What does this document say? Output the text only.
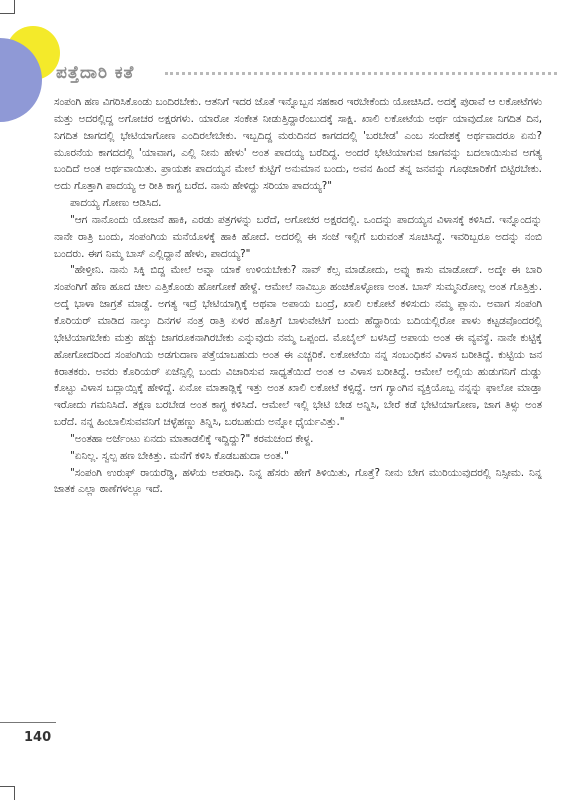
ಪತ್ತೆದಾರಿ ಕತೆ

ಸಂಪಂಗಿ ಹಣ ವಿಗರಿಸಿಕೊಂಡು ಬಂದಿರಬೇಕು. ಆತನಿಗೆ ಇದರ ಜೊತೆ ಇನ್ನೊಬ್ಬನ ಸಹಕಾರ ಇರಬೇಕೆಂದು ಯೋಚಿಸಿದೆ. ಅದಕ್ಕೆ ಪುರಾವೆ ಆ ಲಕೋಟೆಗಳು ಮತ್ತು ಅದರಲ್ಲಿದ್ದ ಅಗೋಚರ ಅಕ್ಷರಗಳು. ಯಾರೋ ಸಂಕೇತ ನೀಡುತ್ತಿದ್ದಾರೆಂಬುದಕ್ಕೆ ಸಾಕ್ಷಿ. ಖಾಲಿ ಲಕೋಟೆಯ ಅರ್ಥ ಯಾವುದೋ ನಿಗದಿತ ದಿನ, ನಿಗದಿತ ಜಾಗದಲ್ಲಿ ಭೇಟಿಯಾಗೋಣ ಎಂದಿರಲೇಬೇಕು. ಇಬ್ಬದಿದ್ದ ಮರುದಿನದ ಕಾಗದದಲ್ಲಿ 'ಬರಬೇಡ' ಎಂಬ ಸಂದೇಶಕ್ಕೆ ಅರ್ಥವಾದರೂ ಏನು? ಮೂರನೆಯ ಕಾಗದದಲ್ಲಿ 'ಯಾವಾಗ, ಎಲ್ಲಿ ನೀನು ಹೇಳು' ಅಂತ ಪಾದಯ್ಯ ಬರೆದಿದ್ದ. ಅಂದರೆ ಭೇಟಿಯಾಗುವ ಜಾಗವನ್ನು ಬದಲಾಯಿಸುವ ಅಗತ್ಯ ಬಂದಿದೆ ಅಂತ ಅರ್ಥವಾಯಿತು. ಪ್ರಾಯಶಃ ಪಾದಯ್ಯನ ಮೇಲೆ ಕುಟ್ಟಿಗೆ ಅನುಮಾನ ಬಂದು, ಅವನ ಹಿಂದೆ ತನ್ನ ಜನವನ್ನು ಗೂಢಚಾರಿಕೆಗೆ ಬಿಟ್ಟಿರಬೇಕು. ಅದು ಗೊತ್ತಾಗಿ ಪಾದಯ್ಯ ಆ ರೀತಿ ಕಾಗ್ದ ಬರೆದ. ನಾನು ಹೇಳಿದ್ದು ಸರಿಯಾ ಪಾದಯ್ಯ?"

ಪಾದಯ್ಯ ಗೋಣು ಆಡಿಸಿದ.

"ಆಗ ನಾನೊಂದು ಯೋಜನೆ ಹಾಕಿ, ಎರಡು ಪತ್ರಗಳನ್ನು ಬರೆದೆ, ಅಗೋಚರ ಅಕ್ಷರದಲ್ಲಿ. ಒಂದನ್ನು ಪಾದಯ್ಯನ ವಿಳಾಸಕ್ಕೆ ಕಳಿಸಿದೆ. ಇನ್ನೊಂದನ್ನು ನಾನೇ ರಾತ್ರಿ ಬಂದು, ಸಂಪಂಗಿಯ ಮನೆಯೊಳಕ್ಕೆ ಹಾಕಿ ಹೋದೆ. ಅದರಲ್ಲಿ ಈ ಸಂಜೆ ಇಲ್ಲಿಗೆ ಬರುವಂತೆ ಸೂಚಿಸಿದ್ದೆ. ಇವರಿಬ್ಬರೂ ಅದನ್ನು ನಂಬಿ ಬಂದರು. ಈಗ ನಿಮ್ಮ ಬಾಸ್ ಎಲ್ಲಿದ್ದಾನೆ ಹೇಳು, ಪಾದಯ್ಯ?"

"ಹೇಳ್ತೀನಿ. ನಾನು ಸಿಕ್ಕಿ ಬಿದ್ದ ಮೇಲೆ ಅವ್ನಾ ಯಾಕೆ ಉಳಿಯಬೇಕು? ನಾವ್ ಕೆಲ್ಸ ಮಾಡೋದು, ಅವ್ನು ಕಾಸು ಮಾಡೋದ್. ಅದ್ಕೇ ಈ ಬಾರಿ ಸಂಪಂಗಿಗೆ ಹೆಣ ಹೂದ ಚೀಲ ಎತ್ತಿಕೊಂಡು ಹೋಗೋಕೆ ಹೇಳ್ದೆ. ಆಮೇಲೆ ನಾವಿಬ್ರೂ ಹಂಚಿಕೊಳ್ಳೋಣ ಅಂತ. ಬಾಸ್ ಸುಮ್ಮನಿರೋಲ್ಲ ಅಂತ ಗೊತ್ತಿತ್ತು. ಅದ್ಕೆ ಭಾಳಾ ಜಾಗ್ರತೆ ಮಾಡ್ದೆ. ಅಗತ್ಯ ಇದ್ರೆ ಭೇಟಿಯಾಗ್ಲಿಕ್ಕೆ ಅಥವಾ ಅಪಾಯ ಬಂದ್ರೆ, ಖಾಲಿ ಲಕೋಟೆ ಕಳಿಸುದು ನಮ್ಮ ಪ್ಲಾನು. ಅವಾಗ ಸಂಪಂಗಿ ಕೊರಿಯರ್ ಮಾಡಿದ ನಾಲ್ಕು ದಿನಗಳ ನಂತ್ರ ರಾತ್ರಿ ಏಳರ ಹೊತ್ತಿಗೆ ಬಾಳುವೇಟಿಗೆ ಬಂದು ಹೆದ್ದಾರಿಯ ಬದಿಯಲ್ಲಿರೋ ಪಾಳು ಕಟ್ಟಡವೊಂದರಲ್ಲಿ ಭೇಟಿಯಾಗಬೇಕು ಮತ್ತು ಹಚ್ಚು ಜಾಗರೂಕನಾಗಿರಬೇಕು ಎನ್ನುವುದು ನಮ್ಮ ಒಪ್ಪಂದ. ಮೊಬೈಲ್ ಬಳಸಿದ್ರೆ ಅಪಾಯ ಅಂತ ಈ ವ್ಯವಸ್ಥೆ. ನಾನೇ ಕುಟ್ಟಿಕ್ಕೆ ಹೋಗೋದರಿಂದ ಸಂಪಂಗಿಯ ಅಡಗುದಾಣ ಪತ್ತೆಯಾಬಹುದು ಅಂತ ಈ ಎಚ್ಚರಿಕೆ. ಲಕೋಟೆಯಿ ನನ್ನ ಸಂಬಂಧಿಕನ ವಿಳಾಸ ಬರೀತಿದ್ದೆ. ಕುಟ್ಟಿಯ ಜನ ಕಿರಾತಕರು. ಅವರು ಕೊರಿಯರ್ ಏಜೆನ್ಸಿಲ್ಲಿ ಬಂದು ವಿಚಾರಿಸುವ ಸಾಧ್ಯತೆಯಿದೆ ಅಂತ ಆ ವಿಳಾಸ ಬರೀತಿದ್ದೆ. ಆಮೇಲೆ ಅಲ್ಲಿಯ ಹುಡುಗನಿಗೆ ದುಡ್ಡು ಕೊಟ್ಟು ವಿಳಾಸ ಬದ್ಲಾಯ್ಸಿಕ್ಕೆ ಹೇಳಿದ್ದೆ. ಏನೋ ಮಾತಾಡ್ಲಿಕ್ಕೆ ಇತ್ತು ಅಂತ ಖಾಲಿ ಲಕೋಟೆ ಕಳ್ಸಿದ್ದೆ. ಆಗ ಗ್ಯಾಂಗಿನ ವ್ಯಕ್ತಿಯೊಬ್ಬ ನನ್ನನ್ನು ಫಾಲೋ ಮಾಡ್ತಾ ಇರೋದು ಗಮನಿಸಿದೆ. ತಕ್ಷಣ ಬರಬೇಡ ಅಂತ ಕಾಗ್ದ ಕಳಿಸಿದೆ. ಆಮೇಲೆ ಇಲ್ಲಿ ಭೇಟಿ ಬೇಡ ಅನ್ನಿಸಿ, ಬೇರೆ ಕಡೆ ಭೇಟಿಯಾಗೋಣ, ಜಾಗ ತಿಳ್ಸು ಅಂತ ಬರೆದೆ. ನನ್ನ ಹಿಂಬಾಲಿಸುವವನಿಗೆ ಚಳ್ಳೆಹಣ್ಣು ತಿನ್ನಿಸಿ, ಬರಬಹುದು ಅನ್ನೋ ಧೈರ್ಯವಿತ್ತು."

"ಅಂತಹಾ ಅರ್ಜೆಂಟು ಏನದು ಮಾತಾಡಲಿಕ್ಕೆ ಇದ್ದಿದ್ದು?" ಕರಮಚಂದ ಕೇಳ್ದ.

"ಏನಿಲ್ಲ. ಸ್ವಲ್ಪ ಹಣ ಬೇಕಿತ್ತು. ಮನೆಗೆ ಕಳಿಸಿ ಕೊಡಬಹುದಾ ಅಂತ."

"ಸಂಪಂಗಿ ಉರುಫ್ ರಾಯರೆಡ್ಡಿ, ಹಳೆಯ ಅಪರಾಧಿ. ನಿನ್ನ ಹೆಸರು ಹೇಗೆ ತಿಳಿಯಿತು, ಗೊತ್ತೆ? ನೀನು ಬೇಗ ಮುರಿಯುವುದರಲ್ಲಿ ನಿಸ್ಸೀಮ. ನಿನ್ನ ಜಾತಕ ಎಲ್ಲಾ ಠಾಣೆಗಳಲ್ಲೂ ಇದೆ.

140
